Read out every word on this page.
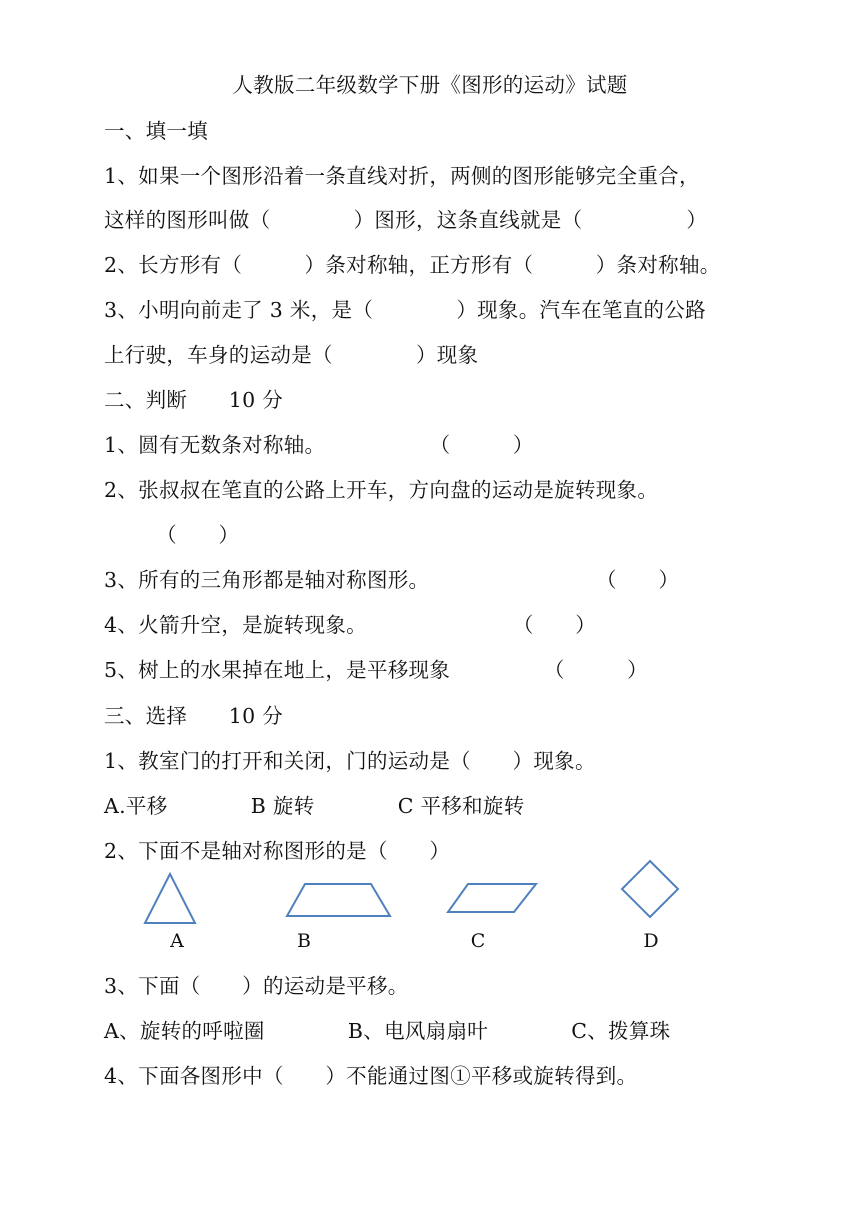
人教版二年级数学下册《图形的运动》试题
一、填一填
1、如果一个图形沿着一条直线对折，两侧的图形能够完全重合，
这样的图形叫做（　　　　）图形，这条直线就是（　　　　　）
2、长方形有（　　　）条对称轴，正方形有（　　　）条对称轴。
3、小明向前走了 3 米，是（　　　　）现象。汽车在笔直的公路
上行驶，车身的运动是（　　　　）现象
二、判断　　10 分
1、圆有无数条对称轴。　　　　　　（　　　）
2、张叔叔在笔直的公路上开车，方向盘的运动是旋转现象。
　　　（　　）
3、所有的三角形都是轴对称图形。　　　　　　　　　（　　）
4、火箭升空，是旋转现象。　　　　　　　　（　　）
5、树上的水果掉在地上，是平移现象　　　　　（　　　）
三、选择　　10 分
1、教室门的打开和关闭，门的运动是（　　）现象。
A.平移　　　　B 旋转　　　　C 平移和旋转
2、下面不是轴对称图形的是（　　）
A	B	C	D
3、下面（　　）的运动是平移。
A、旋转的呼啦圈　　　　B、电风扇扇叶　　　　C、拨算珠
4、下面各图形中（　　）不能通过图①平移或旋转得到。
